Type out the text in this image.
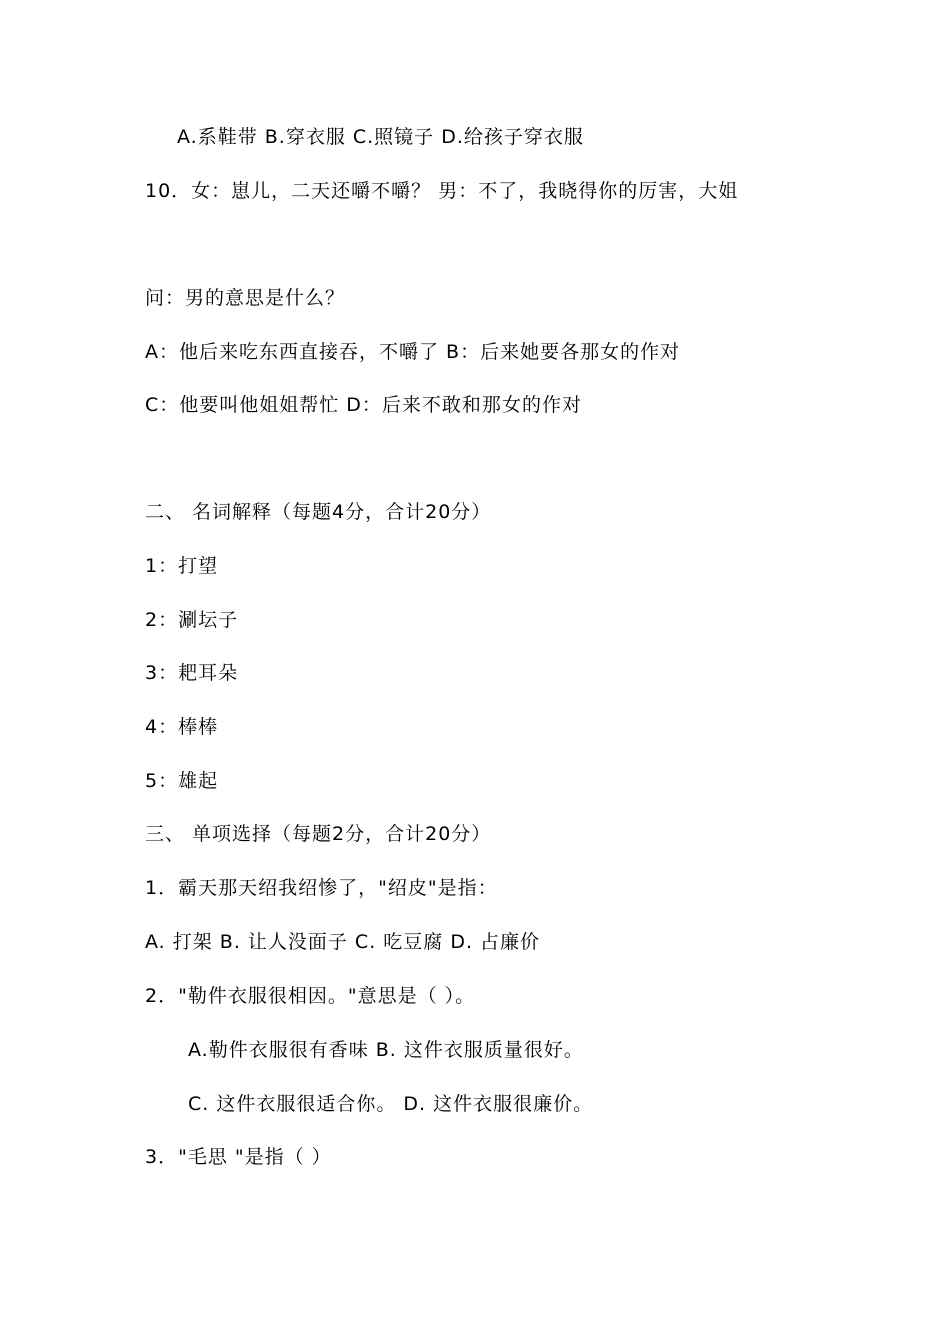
A.系鞋带 B.穿衣服 C.照镜子 D.给孩子穿衣服
10．女：崽儿，二天还嚼不嚼？ 男：不了，我晓得你的厉害，大姐
问：男的意思是什么？
A：他后来吃东西直接吞，不嚼了 B：后来她要各那女的作对
C：他要叫他姐姐帮忙 D：后来不敢和那女的作对
二、 名词解释（每题4分，合计20分）
1：打望
2：涮坛子
3：耙耳朵
4：棒棒
5：雄起
三、 单项选择（每题2分，合计20分）
1．霸天那天绍我绍惨了，"绍皮"是指：
A. 打架 B. 让人没面子 C. 吃豆腐 D. 占廉价
2．"勒件衣服很相因。"意思是（ ）。
A.勒件衣服很有香味 B. 这件衣服质量很好。
C. 这件衣服很适合你。 D. 这件衣服很廉价。
3．"毛思 "是指（ ）
